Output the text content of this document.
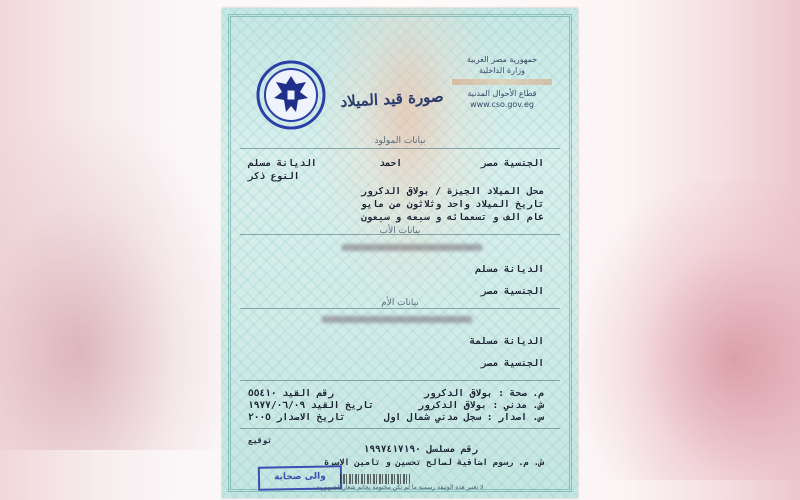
صورة قيد الميلاد
جمهورية مصر العربية
وزارة الداخلية
قطاع الأحوال المدنية
www.cso.gov.eg
بيانات المولود
الجنسية مصر
احمد
الديانة مسلم
النوع ذكر
محل الميلاد الجيزة / بولاق الدكرور
تاريخ الميلاد واحد وثلاثون من مايو
عام الف و تسعمائه و سبعه و سبعون
بيانات الأب
الديانة مسلم
الجنسية مصر
بيانات الأم
الديانة مسلمة
الجنسية مصر
م. صحة : بولاق الدكرور
ش. مدني : بولاق الدكرور
س. اصدار : سجل مدني شمال اول
رقم القيد ٥٥٤١٠
تاريخ القيد ١٩٧٧/٠٦/٠٩
تاريخ الاصدار ٢٠٠٥
توقيع
رقم مسلسل ١٩٩٧٤١٧١٩٠
ش. م. رسوم اضافية لصالح تحسين و تامين الاسرة
والى صحابة
لا تعتبر هذه الوثيقة رسمية ما لم تكن مختومة بخاتم شعار الجمهورية
